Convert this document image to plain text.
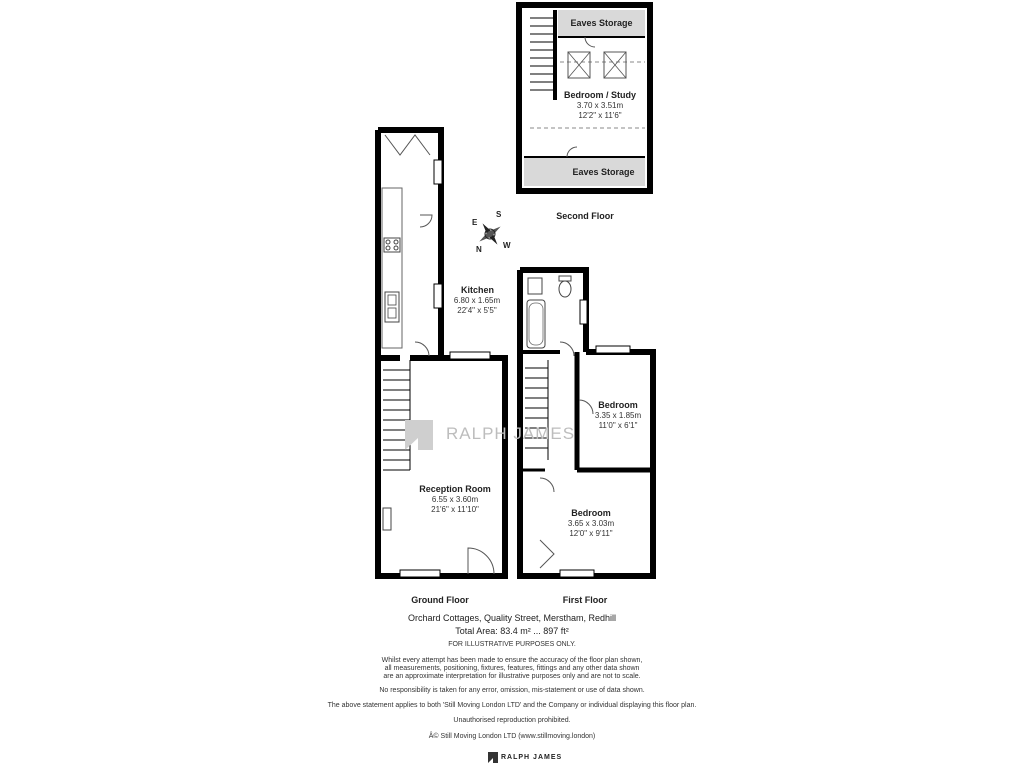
Eaves Storage
Eaves Storage
Bedroom / Study
3.70 x 3.51m
12'2" x 11'6"
Second Floor
Kitchen
6.80 x 1.65m
22'4" x 5'5"
Reception Room
6.55 x 3.60m
21'6" x 11'10"
Ground Floor
Bedroom
3.35 x 1.85m
11'0" x 6'1"
Bedroom
3.65 x 3.03m
12'0" x 9'11"
First Floor
S
E
N	W
RALPH JAMES
Orchard Cottages, Quality Street, Merstham, Redhill
Total Area: 83.4 m² ... 897 ft²
FOR ILLUSTRATIVE PURPOSES ONLY.
Whilst every attempt has been made to ensure the accuracy of the floor plan shown,
all measurements, positioning, fixtures, features, fittings and any other data shown
are an approximate interpretation for illustrative purposes only and are not to scale.
No responsibility is taken for any error, omission, mis-statement or use of data shown.
The above statement applies to both 'Still Moving London LTD' and the Company or individual displaying this floor plan.
Unauthorised reproduction prohibited.
Â© Still Moving London LTD (www.stillmoving.london)
RALPH JAMES
